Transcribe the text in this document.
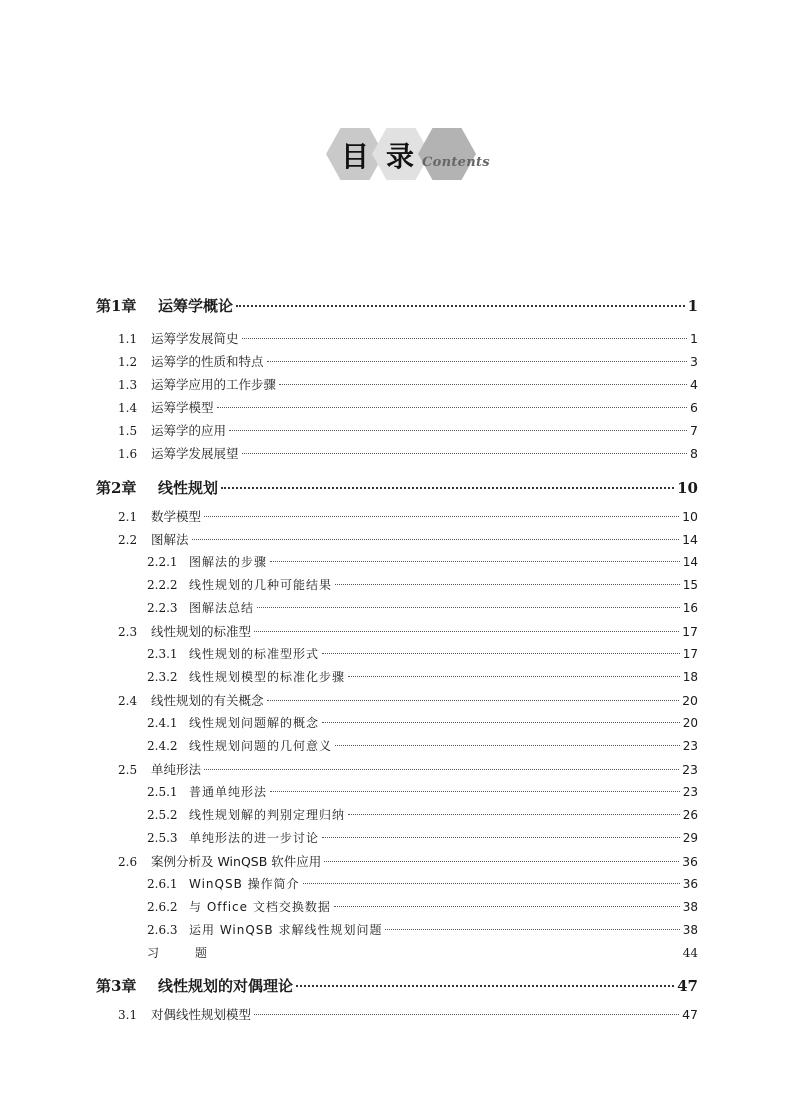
目 录 Contents
第1章	运筹学概论	1
1.1	运筹学发展简史	1
1.2	运筹学的性质和特点	3
1.3	运筹学应用的工作步骤	4
1.4	运筹学模型	6
1.5	运筹学的应用	7
1.6	运筹学发展展望	8
第2章	线性规划	10
2.1	数学模型	10
2.2	图解法	14
2.2.1 图解法的步骤	14
2.2.2 线性规划的几种可能结果	15
2.2.3 图解法总结	16
2.3	线性规划的标准型	17
2.3.1 线性规划的标准型形式	17
2.3.2 线性规划模型的标准化步骤	18
2.4	线性规划的有关概念	20
2.4.1 线性规划问题解的概念	20
2.4.2 线性规划问题的几何意义	23
2.5	单纯形法	23
2.5.1 普通单纯形法	23
2.5.2 线性规划解的判别定理归纳	26
2.5.3 单纯形法的进一步讨论	29
2.6	案例分析及 WinQSB 软件应用	36
2.6.1 WinQSB 操作简介	36
2.6.2 与 Office 文档交换数据	38
2.6.3 运用 WinQSB 求解线性规划问题	38
习	题	44
第3章	线性规划的对偶理论	47
3.1	对偶线性规划模型	47
